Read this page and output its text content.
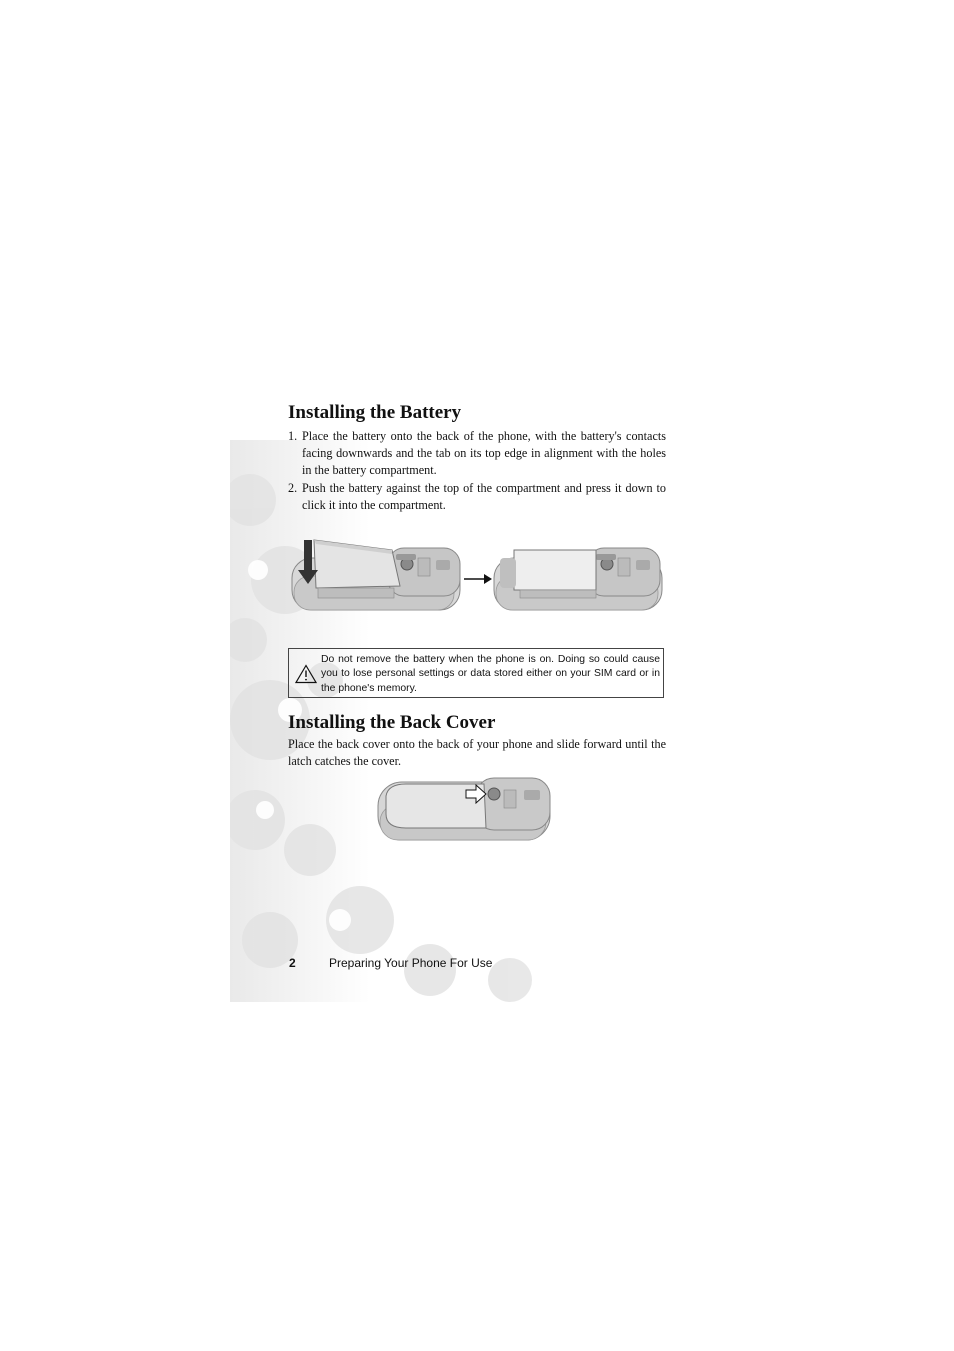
Installing the Battery
1. Place the battery onto the back of the phone, with the battery's contacts facing downwards and the tab on its top edge in alignment with the holes in the battery compartment.
2. Push the battery against the top of the compartment and press it down to click it into the compartment.
Do not remove the battery when the phone is on. Doing so could cause you to lose personal settings or data stored either on your SIM card or in the phone's memory.
Installing the Back Cover

Place the back cover onto the back of your phone and slide forward until the latch catches the cover.

2	Preparing Your Phone For Use
